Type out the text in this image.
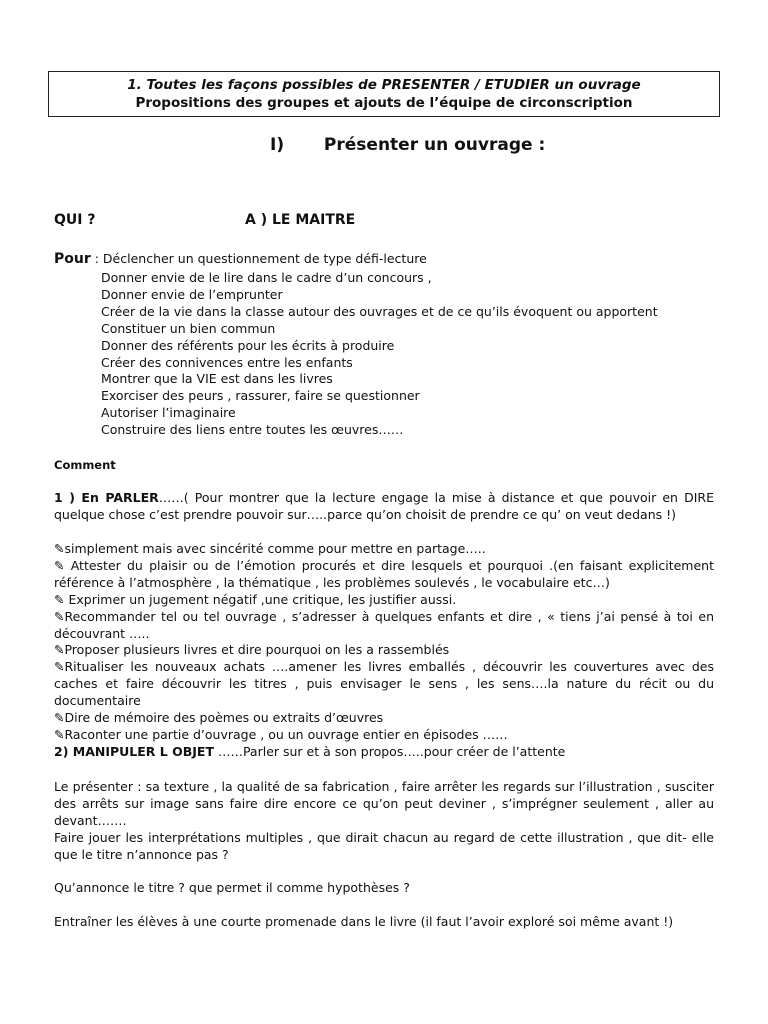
1. Toutes les façons possibles de PRESENTER / ETUDIER un ouvrage
Propositions des groupes et ajouts de l’équipe de circonscription
I) Présenter un ouvrage :
QUI ?	A ) LE MAITRE
Pour : Déclencher un questionnement de type défi-lecture
Donner envie de le lire dans le cadre d’un concours ,
Donner envie de l’emprunter
Créer de la vie dans la classe autour des ouvrages et de ce qu’ils évoquent ou apportent
Constituer un bien commun
Donner des référents pour les écrits à produire
Créer des connivences entre les enfants
Montrer que la VIE est dans les livres
Exorciser des peurs , rassurer, faire se questionner
Autoriser l’imaginaire
Construire des liens entre toutes les œuvres……
Comment
1 ) En PARLER……( Pour montrer que la lecture engage la mise à distance et que pouvoir en DIRE quelque chose c’est prendre pouvoir sur…..parce qu’on choisit de prendre ce qu’ on veut dedans !)
✎simplement mais avec sincérité comme pour mettre en partage…..
✎ Attester du plaisir ou de l’émotion procurés et dire lesquels et pourquoi .(en faisant explicitement référence à l’atmosphère , la thématique , les problèmes soulevés , le vocabulaire etc…)
✎ Exprimer un jugement négatif ,une critique, les justifier aussi.
✎Recommander tel ou tel ouvrage , s’adresser à quelques enfants et dire , « tiens j’ai pensé à toi en découvrant …..
✎Proposer plusieurs livres et dire pourquoi on les a rassemblés
✎Ritualiser les nouveaux achats ….amener les livres emballés , découvrir les couvertures avec des caches et faire découvrir les titres , puis envisager le sens , les sens….la nature du récit ou du documentaire
✎Dire de mémoire des poèmes ou extraits d’œuvres
✎Raconter une partie d’ouvrage , ou un ouvrage entier en épisodes ……
2) MANIPULER L OBJET ……Parler sur et à son propos…..pour créer de l’attente
Le présenter : sa texture , la qualité de sa fabrication , faire arrêter les regards sur l’illustration , susciter des arrêts sur image sans faire dire encore ce qu’on peut deviner , s’imprégner seulement , aller au devant…….
Faire jouer les interprétations multiples , que dirait chacun au regard de cette illustration , que dit- elle que le titre n’annonce pas ?
Qu’annonce le titre ? que permet il comme hypothèses ?
Entraîner les élèves à une courte promenade dans le livre (il faut l’avoir exploré soi même avant !)
